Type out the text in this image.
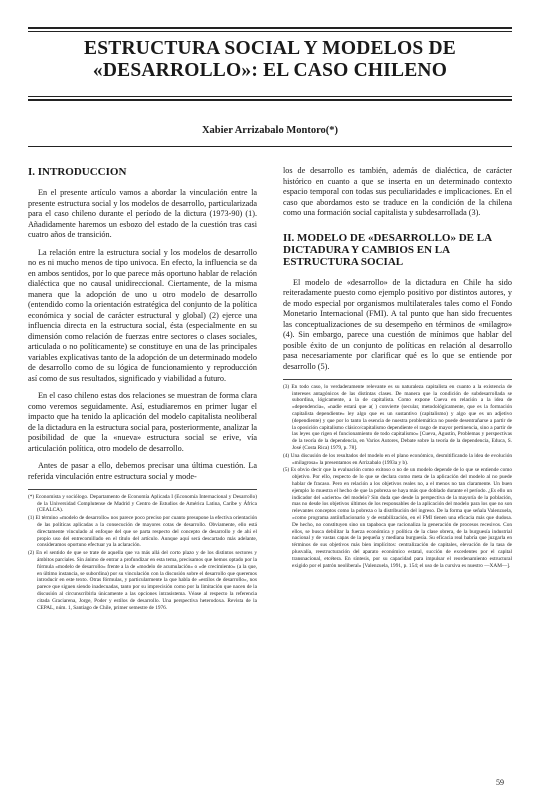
ESTRUCTURA SOCIAL Y MODELOS DE
«DESARROLLO»: EL CASO CHILENO
Xabier Arrizabalo Montoro(*)
I. INTRODUCCION

En el presente artículo vamos a abordar la vinculación entre la presente estructura social y los modelos de desarrollo, particularizada para el caso chileno durante el período de la dictura (1973-90) (1). Añadidamente haremos un esbozo del estado de la cuestión tras casi cuatro años de transición.

La relación entre la estructura social y los modelos de desarrollo no es ni mucho menos de tipo univoca. En efecto, la influencia se da en ambos sentidos, por lo que parece más oportuno hablar de relación dialéctica que no causal unidireccional. Ciertamente, de la misma manera que la adopción de uno u otro modelo de desarrollo (entendido como la orientación estratégica del conjunto de la política económica y social de carácter estructural y global) (2) ejerce una influencia directa en la estructura social, ésta (especialmente en su dimensión como relación de fuerzas entre sectores o clases sociales, articulada o no políticamente) se constituye en una de las principales variables explicativas tanto de la adopción de un determinado modelo de desarrollo como de su lógica de funcionamiento y reproducción así como de sus resultados, significado y viabilidad a futuro.

En el caso chileno estas dos relaciones se muestran de forma clara como veremos seguidamente. Así, estudiaremos en primer lugar el impacto que ha tenido la aplicación del modelo capitalista neoliberal de la dictadura en la estructura social para, posteriormente, analizar la posibilidad de que la «nueva» estructura social se erive, vía articulación política, otro modelo de desarrollo.

Antes de pasar a ello, debemos precisar una última cuestión. La referida vinculación entre estructura social y mode-

(*) Economista y sociólogo. Departamento de Economía Aplicada I (Economía Internacional y Desarrollo) de la Universidad Complutense de Madrid y Centro de Estudios de América Latina, Caribe y África (CEALCA).

(1) El término «modelo de desarrollo» nos parece poco preciso por cuanto presupone la efectiva orientación de las políticas aplicadas a la consecución de mayores cotas de desarrollo. Obviamente, ello está directamente vinculado al enfoque del que se parta respecto del concepto de desarrollo y de ahí el propio uso del entrecomillado en el título del artículo. Aunque aquí será descartado más adelante, consideramos oportuno efectuar ya la aclaración.

(2) En el sentido de que se trate de aquella que va más allá del corto plazo y de los distintos sectores y ámbitos parciales. Sin ánimo de entrar a profundizar en esta tema, precisamos que hemos optado por la fórmula «modelo de desarrollo» frente a la de «modelo de acumulación» o «de crecimiento» (a la que, en último instancia, se subordina) por su vinculación con la discusión sobre el desarrollo que queremos introducir en este texto. Otras fórmulas, y particularmente la que habla de «estilos de desarrollo», nos parece que siguen siendo inadecuadas, tanto por su imprecisión como por la limitación que nacen de la discusión al circunscribirla únicamente a las opciones intrasistema. Véase al respecto la referencia citada Graciarena, Jorge, Poder y estilos de desarrollo. Una perspectiva heterodoxa. Revista de la CEPAL, núm. 1, Santiago de Chile, primer semestre de 1976.

los de desarrollo es también, además de dialéctica, de carácter histórico en cuanto a que se inserta en un determinado contexto espacio temporal con todas sus peculiaridades e implicaciones. En el caso que abordamos esto se traduce en la condición de la chilena como una formación social capitalista y subdesarrollada (3).

II. MODELO DE «DESARROLLO» DE LA DICTADURA Y CAMBIOS EN LA ESTRUCTURA SOCIAL

El modelo de «desarrollo» de la dictadura en Chile ha sido reiteradamente puesto como ejemplo positivo por distintos autores, y de modo especial por organismos multilaterales tales como el Fondo Monetario Internacional (FMI). A tal punto que han sido frecuentes las conceptualizaciones de su desempeño en términos de «milagro» (4). Sin embargo, parece una cuestión de mínimos que hablar del posible éxito de un conjunto de políticas en relación al desarrollo pasa necesariamente por clarificar qué es lo que se entiende por desarrollo (5).

(3) En todo caso, lo verdaderamente relevante es su naturaleza capitalista en cuanto a la existencia de intereses antagónicos de las distintas clases. De manera que la condición de subdesarrollada se subordina, lógicamente, a la de capitalista. Como expone Cueva en relación a la idea de «dependencia», «nadie estará que a( ) convierte (secular, metodológicamente, que es la formación capitalista dependiente» ley algo que es un sustantivo (capitalismo) y algo que es un adjetivo (dependiente) y que por lo tanto la esencia de nuestra problemática no puede desentrañarse a partir de la oposición capitalismo clásico/capitalismo dependiente el rasgo de mayor pertinencia, sino a partir de las leyes que rigen el funcionamiento de todo capitalismo» [Cueva, Agustín, Problemas y perspectivas de la teoría de la dependencia, en Varios Autores, Debate sobre la teoría de la dependencia, Educa, S. José (Costa Rica) 1979, p. 78].

(4) Una discusión de los resultados del modelo en el plano económico, desmitificando la idea de evolución «milagrosa» la presentamos en Arrizabalo (1993a y b).

(5) Es obvio decir que la evaluación como exitoso o no de un modelo depende de lo que se entiende como objetivo. Por ello, respecto de lo que se declara como meta de la aplicación del modelo al no puede hablar de fracaso. Pero en relación a los objetivos reales no, a el menos no tan claramente. Un buen ejemplo lo muestra el hecho de que la pobreza se haya más que doblado durante el período. ¿Es ello un indicador del «acierto» del modelo? Sin duda que desde la perspectiva de la mayoría de la población, mas no desde los objetivos últimos de los responsables de la aplicación del modelo para los que no son relevantes conceptos como la pobreza o la distribución del ingreso. De la forma que señala Valenzuela, «como programa antiinflacionario y de estabilización, en el FMI tienen una eficacia más que dudosa. De hecho, no constituyen sino un tapaboca que racionaliza la generación de procesos recesivos. Con ellos, se busca debilitar la fuerza económica y política de la clase obrera, de la burguesía industrial nacional y de vastas capas de la pequeña y mediana burguesía. Su eficacia real habría que juzgarla en términos de sus objetivos más bien implícitos: centralización de capitales, elevación de la tasa de plusvalía, reestructuración del aparato económico estatal, succión de excedentes por el capital transnacional, etcétera. En síntesis, por su capacidad para impulsar el reordenamiento estructural exigido por el patrón neoliberal» [Valenzuela, 1991, p. 154; el uso de la cursiva es nuestro —XAM—].

59
